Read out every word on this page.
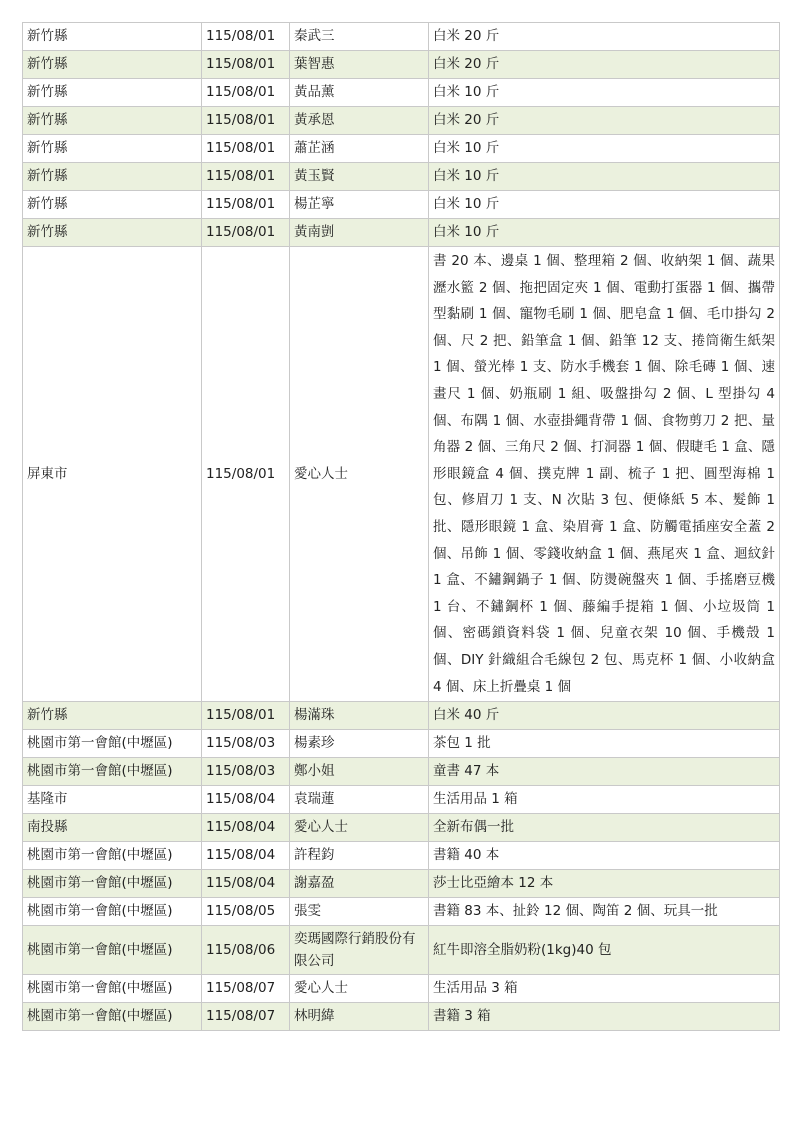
新竹縣	115/08/01	秦武三	白米 20 斤
新竹縣	115/08/01	葉智惠	白米 20 斤
新竹縣	115/08/01	黃品薰	白米 10 斤
新竹縣	115/08/01	黃承恩	白米 20 斤
新竹縣	115/08/01	蕭芷涵	白米 10 斤
新竹縣	115/08/01	黃玉賢	白米 10 斤
新竹縣	115/08/01	楊芷寧	白米 10 斤
新竹縣	115/08/01	黃南剴	白米 10 斤
屏東市	115/08/01	愛心人士	書 20 本、邊桌 1 個、整理箱 2 個、收納架 1 個、蔬果瀝水籃 2 個、拖把固定夾 1 個、電動打蛋器 1 個、攜帶型黏刷 1 個、寵物毛刷 1 個、肥皂盒 1 個、毛巾掛勾 2 個、尺 2 把、鉛筆盒 1 個、鉛筆 12 支、捲筒衛生紙架 1 個、螢光棒 1 支、防水手機套 1 個、除毛磚 1 個、速畫尺 1 個、奶瓶刷 1 組、吸盤掛勾 2 個、L 型掛勾 4 個、布隅 1 個、水壺掛繩背帶 1 個、食物剪刀 2 把、量角器 2 個、三角尺 2 個、打洞器 1 個、假睫毛 1 盒、隱形眼鏡盒 4 個、撲克牌 1 副、梳子 1 把、圓型海棉 1 包、修眉刀 1 支、N 次貼 3 包、便條紙 5 本、髮飾 1 批、隱形眼鏡 1 盒、染眉膏 1 盒、防觸電插座安全蓋 2 個、吊飾 1 個、零錢收納盒 1 個、燕尾夾 1 盒、迴紋針 1 盒、不鏽鋼鍋子 1 個、防燙碗盤夾 1 個、手搖磨豆機 1 台、不鏽鋼杯 1 個、藤編手提箱 1 個、小垃圾筒 1 個、密碼鎖資料袋 1 個、兒童衣架 10 個、手機殼 1 個、DIY 針織組合毛線包 2 包、馬克杯 1 個、小收納盒 4 個、床上折疊桌 1 個
新竹縣	115/08/01	楊滿珠	白米 40 斤
桃園市第一會館(中壢區)	115/08/03	楊素珍	茶包 1 批
桃園市第一會館(中壢區)	115/08/03	鄭小姐	童書 47 本
基隆市	115/08/04	袁瑞蓮	生活用品 1 箱
南投縣	115/08/04	愛心人士	全新布偶一批
桃園市第一會館(中壢區)	115/08/04	許程鈞	書籍 40 本
桃園市第一會館(中壢區)	115/08/04	謝嘉盈	莎士比亞繪本 12 本
桃園市第一會館(中壢區)	115/08/05	張雯	書籍 83 本、扯鈴 12 個、陶笛 2 個、玩具一批
桃園市第一會館(中壢區)	115/08/06	奕瑪國際行銷股份有限公司	紅牛即溶全脂奶粉(1kg)40 包
桃園市第一會館(中壢區)	115/08/07	愛心人士	生活用品 3 箱
桃園市第一會館(中壢區)	115/08/07	林明緯	書籍 3 箱
